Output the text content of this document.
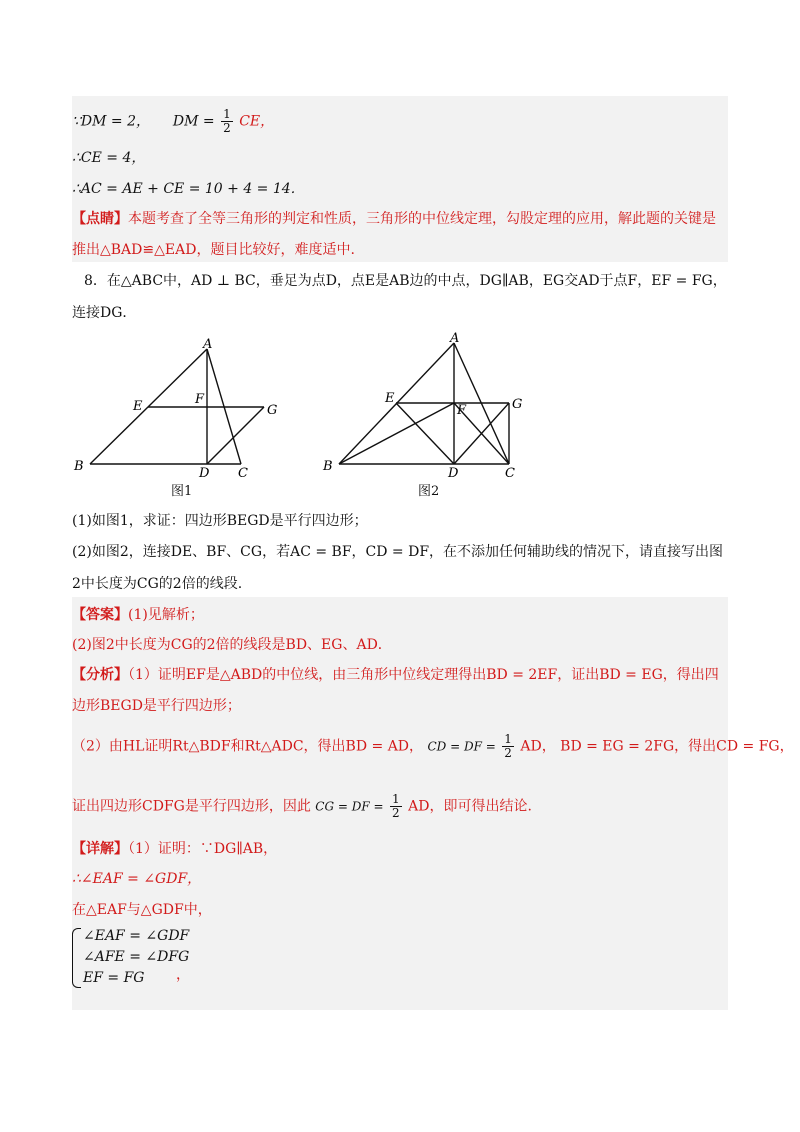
∵DM = 2， DM = $\frac{1}{2}$ CE，
∴CE = 4，
∴AC = AE + CE = 10 + 4 = 14．
【点睛】本题考查了全等三角形的判定和性质，三角形的中位线定理，勾股定理的应用，解此题的关键是
推出△BAD≌△EAD，题目比较好，难度适中.
8．在△ABC中，AD ⊥ BC，垂足为点D，点E是AB边的中点，DG∥AB，EG交AD于点F，EF = FG，
连接DG．
A
B	C
D
E	F
G
图1
A
B	C
D
E
F	G
图2
(1)如图1，求证：四边形BEGD是平行四边形；
(2)如图2，连接DE、BF、CG，若AC = BF，CD = DF，在不添加任何辅助线的情况下，请直接写出图
2中长度为CG的2倍的线段.
【答案】(1)见解析；
(2)图2中长度为CG的2倍的线段是BD、EG、AD．
【分析】（1）证明EF是△ABD的中位线，由三角形中位线定理得出BD = 2EF，证出BD = EG，得出四
边形BEGD是平行四边形；
（2）由HL证明Rt△BDF和Rt△ADC，得出BD = AD， CD = DF = $\frac{1}{2}$ AD， BD = EG = 2FG，得出CD = FG，
证出四边形CDFG是平行四边形，因此 CG = DF = $\frac{1}{2}$ AD，即可得出结论.
【详解】（1）证明：∵DG∥AB，
∴∠EAF = ∠GDF，
在△EAF与△GDF中，
∠EAF = ∠GDF
∠AFE = ∠DFG
EF = FG ，
